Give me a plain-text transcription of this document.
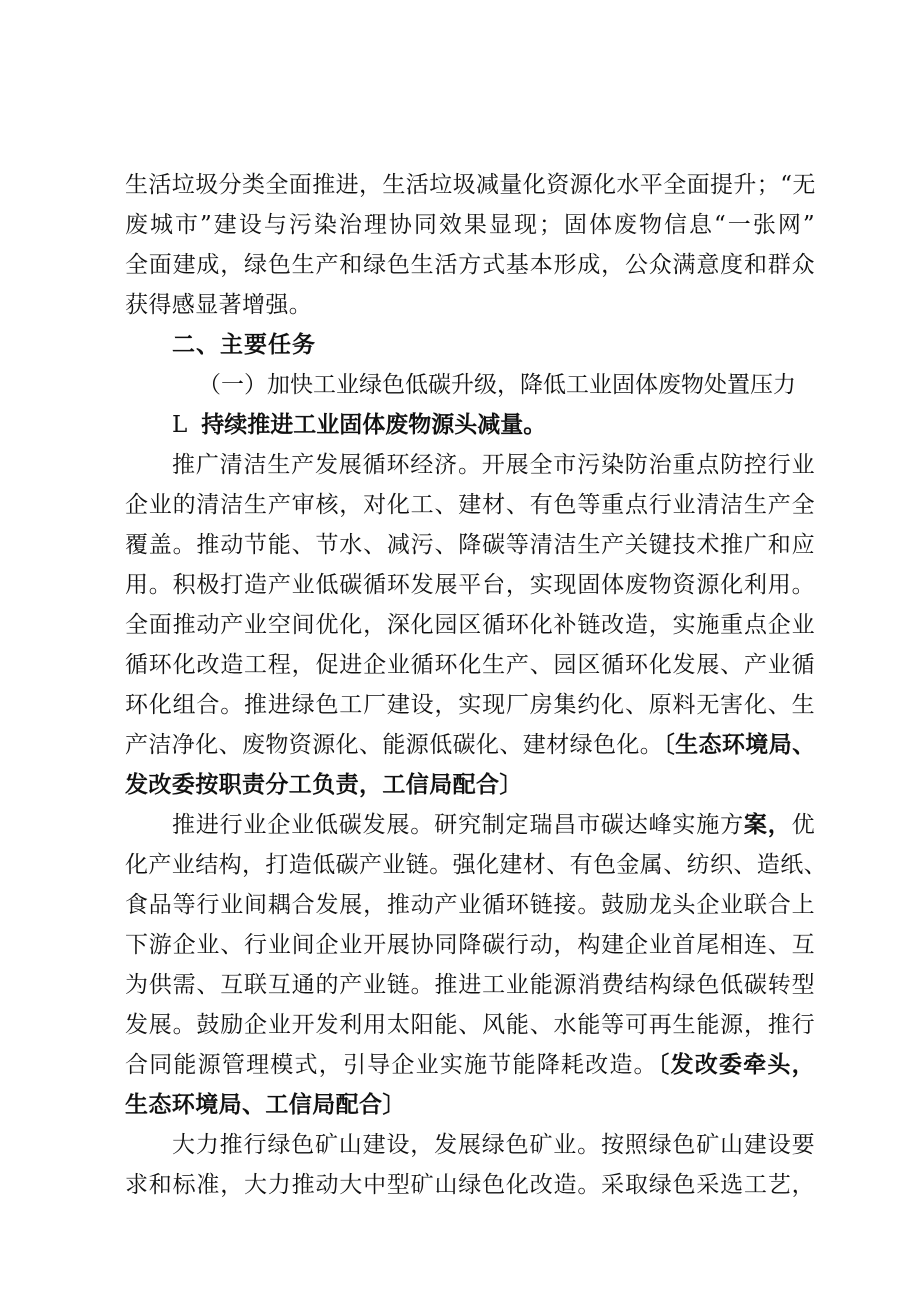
生活垃圾分类全面推进，生活垃圾减量化资源化水平全面提升；“无
废城市”建设与污染治理协同效果显现；固体废物信息“一张网”
全面建成，绿色生产和绿色生活方式基本形成，公众满意度和群众
获得感显著增强。
二、主要任务
（一）加快工业绿色低碳升级，降低工业固体废物处置压力
L 持续推进工业固体废物源头减量。
推广清洁生产发展循环经济。开展全市污染防治重点防控行业
企业的清洁生产审核，对化工、建材、有色等重点行业清洁生产全
覆盖。推动节能、节水、减污、降碳等清洁生产关键技术推广和应
用。积极打造产业低碳循环发展平台，实现固体废物资源化利用。
全面推动产业空间优化，深化园区循环化补链改造，实施重点企业
循环化改造工程，促进企业循环化生产、园区循环化发展、产业循
环化组合。推进绿色工厂建设，实现厂房集约化、原料无害化、生
产洁净化、废物资源化、能源低碳化、建材绿色化。〔生态环境局、
发改委按职责分工负责，工信局配合〕
推进行业企业低碳发展。研究制定瑞昌市碳达峰实施方案，优
化产业结构，打造低碳产业链。强化建材、有色金属、纺织、造纸、
食品等行业间耦合发展，推动产业循环链接。鼓励龙头企业联合上
下游企业、行业间企业开展协同降碳行动，构建企业首尾相连、互
为供需、互联互通的产业链。推进工业能源消费结构绿色低碳转型
发展。鼓励企业开发利用太阳能、风能、水能等可再生能源，推行
合同能源管理模式，引导企业实施节能降耗改造。〔发改委牵头，
生态环境局、工信局配合〕
大力推行绿色矿山建设，发展绿色矿业。按照绿色矿山建设要
求和标准，大力推动大中型矿山绿色化改造。采取绿色采选工艺，
